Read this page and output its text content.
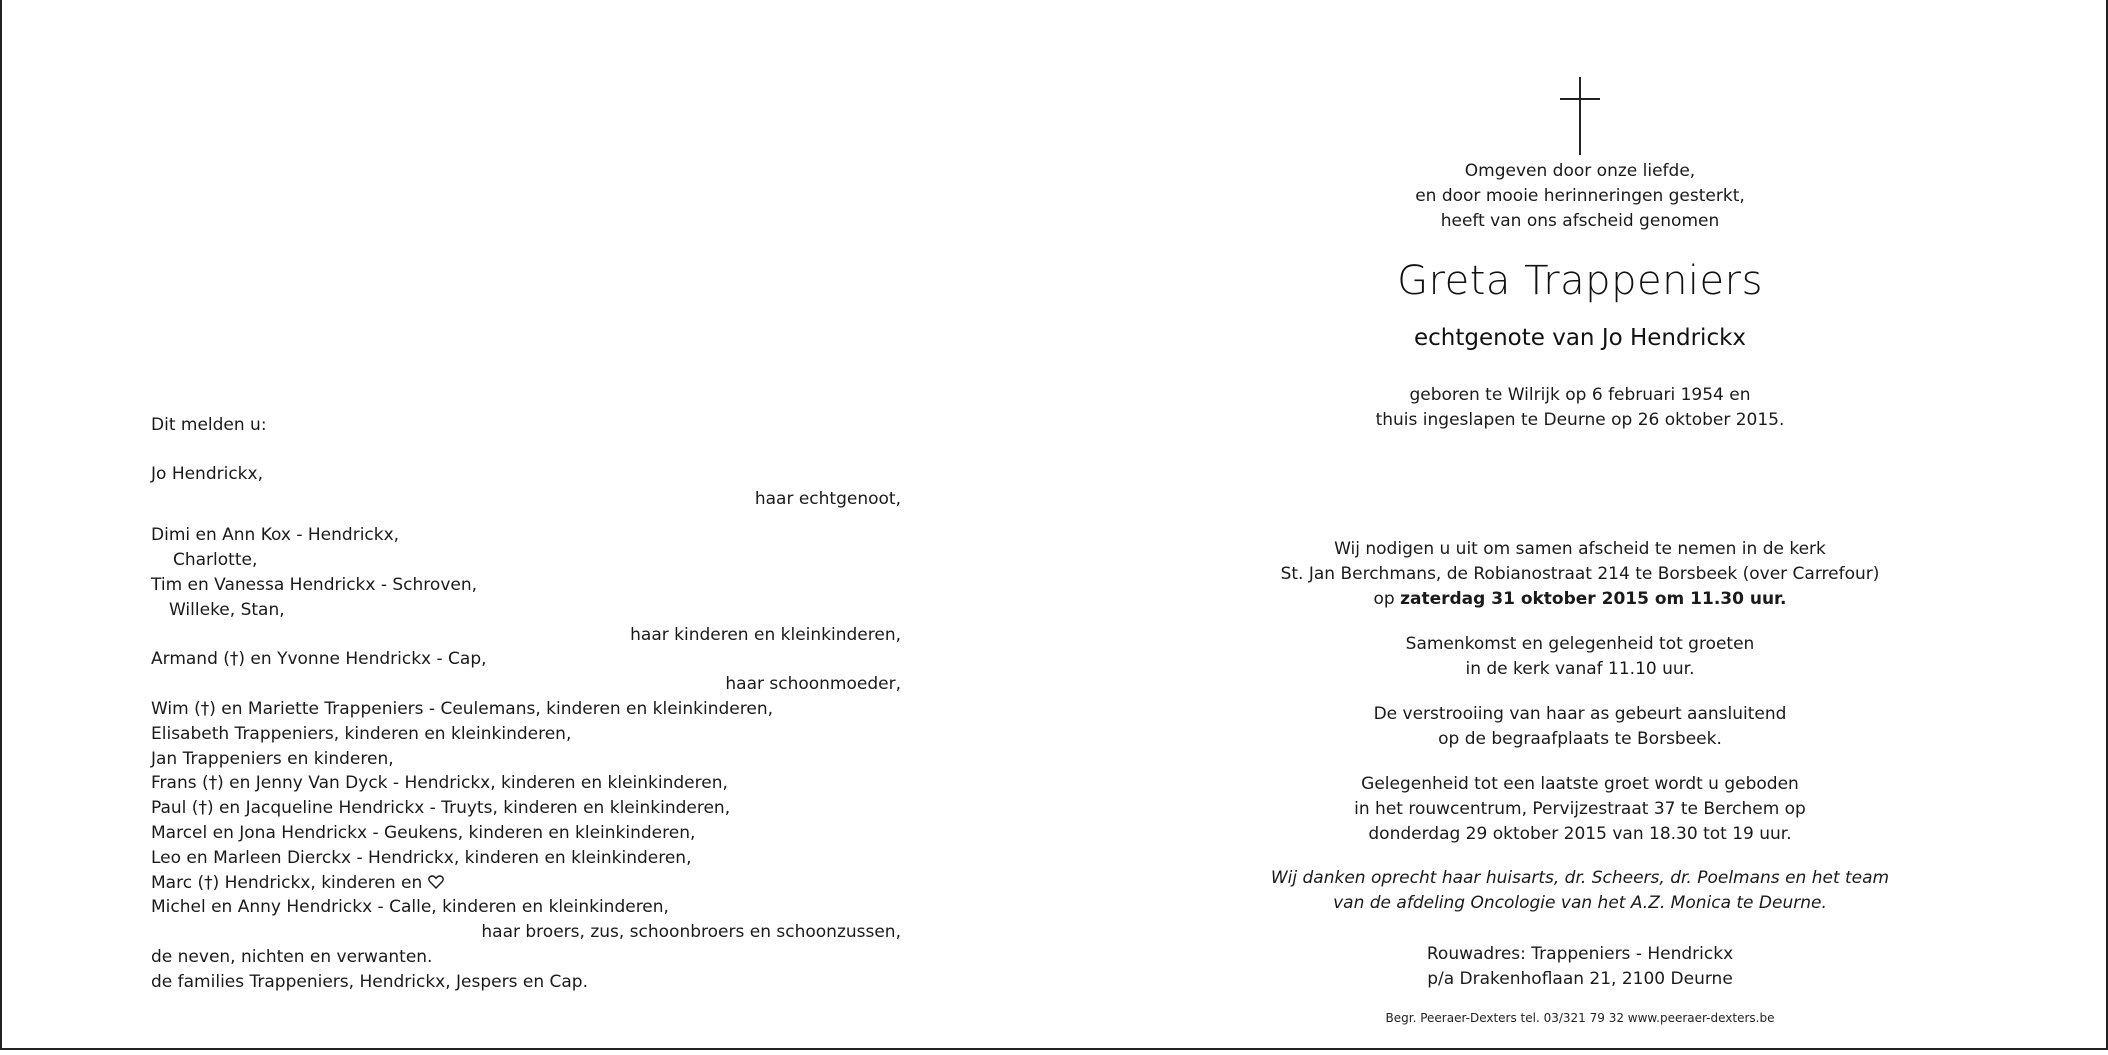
Dit melden u:
Jo Hendrickx,
haar echtgenoot,
Dimi en Ann Kox - Hendrickx,
Charlotte,
Tim en Vanessa Hendrickx - Schroven,
Willeke, Stan,
haar kinderen en kleinkinderen,
Armand (†) en Yvonne Hendrickx - Cap,
haar schoonmoeder,
Wim (†) en Mariette Trappeniers - Ceulemans, kinderen en kleinkinderen,
Elisabeth Trappeniers, kinderen en kleinkinderen,
Jan Trappeniers en kinderen,
Frans (†) en Jenny Van Dyck - Hendrickx, kinderen en kleinkinderen,
Paul (†) en Jacqueline Hendrickx - Truyts, kinderen en kleinkinderen,
Marcel en Jona Hendrickx - Geukens, kinderen en kleinkinderen,
Leo en Marleen Dierckx - Hendrickx, kinderen en kleinkinderen,
Marc (†) Hendrickx, kinderen en
Michel en Anny Hendrickx - Calle, kinderen en kleinkinderen,
haar broers, zus, schoonbroers en schoonzussen,
de neven, nichten en verwanten.
de families Trappeniers, Hendrickx, Jespers en Cap.
Omgeven door onze liefde,
en door mooie herinneringen gesterkt,
heeft van ons afscheid genomen
Greta Trappeniers
echtgenote van Jo Hendrickx
geboren te Wilrijk op 6 februari 1954 en
thuis ingeslapen te Deurne op 26 oktober 2015.
Wij nodigen u uit om samen afscheid te nemen in de kerk
St. Jan Berchmans, de Robianostraat 214 te Borsbeek (over Carrefour)
op zaterdag 31 oktober 2015 om 11.30 uur.
Samenkomst en gelegenheid tot groeten
in de kerk vanaf 11.10 uur.
De verstrooiing van haar as gebeurt aansluitend
op de begraafplaats te Borsbeek.
Gelegenheid tot een laatste groet wordt u geboden
in het rouwcentrum, Pervijzestraat 37 te Berchem op
donderdag 29 oktober 2015 van 18.30 tot 19 uur.
Wij danken oprecht haar huisarts, dr. Scheers, dr. Poelmans en het team
van de afdeling Oncologie van het A.Z. Monica te Deurne.
Rouwadres: Trappeniers - Hendrickx
p/a Drakenhoflaan 21, 2100 Deurne
Begr. Peeraer-Dexters tel. 03/321 79 32 www.peeraer-dexters.be
